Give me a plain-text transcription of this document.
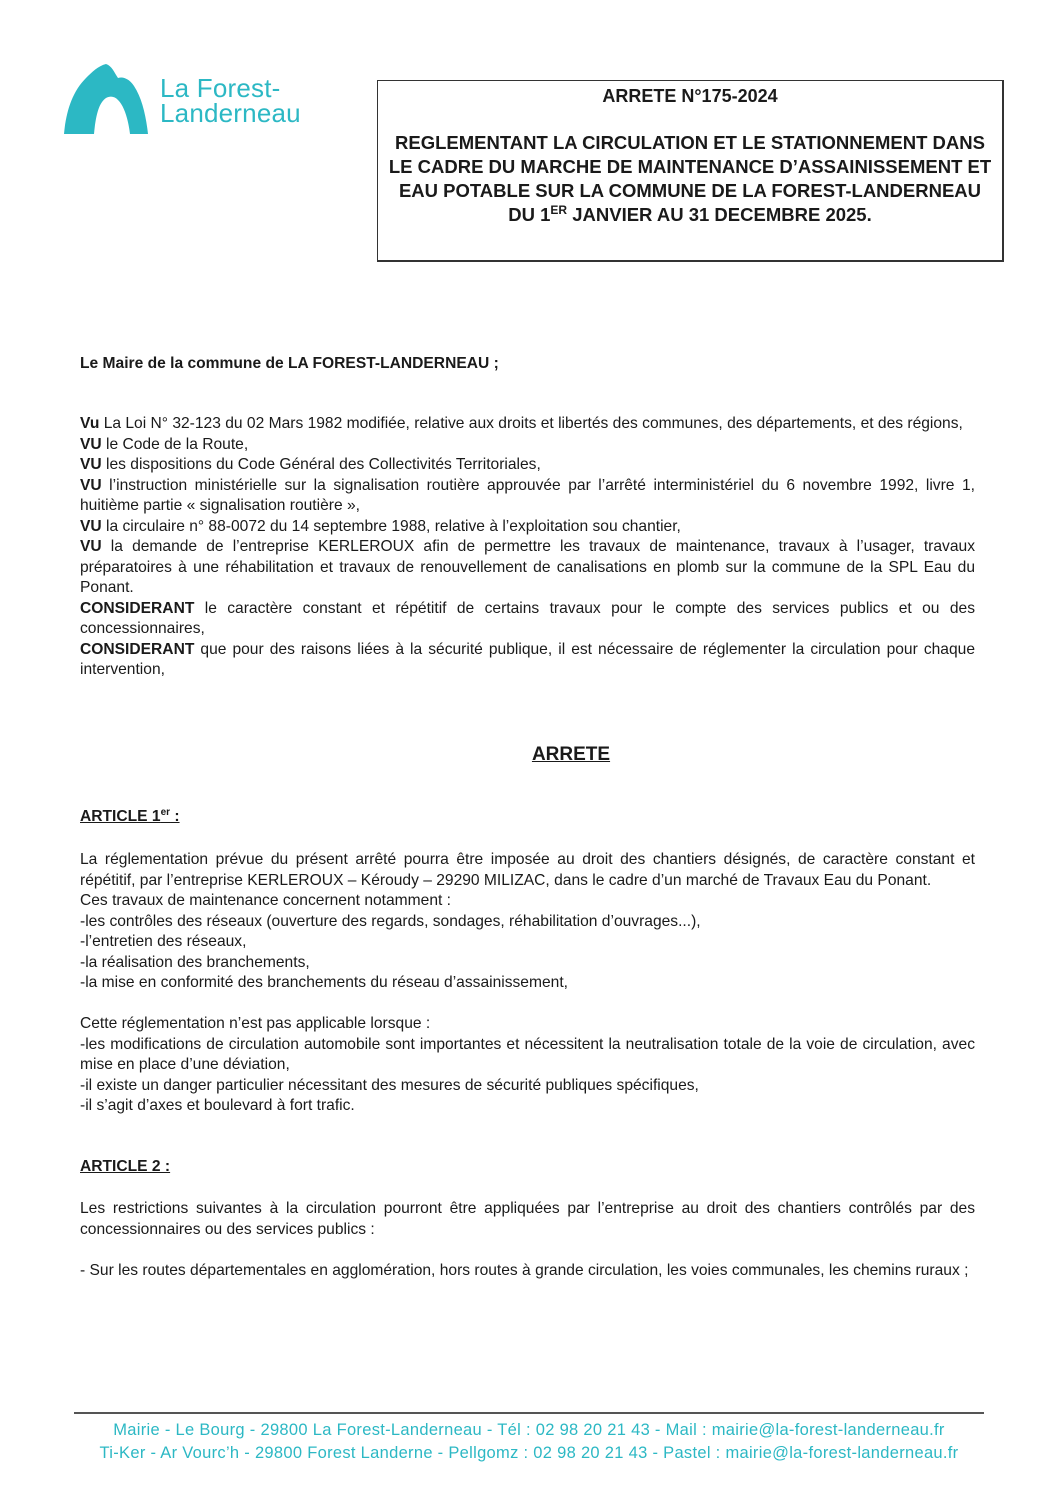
La Forest-
Landerneau
ARRETE N°175-2024
REGLEMENTANT LA CIRCULATION ET LE STATIONNEMENT DANS LE CADRE DU MARCHE DE MAINTENANCE D’ASSAINISSEMENT ET EAU POTABLE SUR LA COMMUNE DE LA FOREST-LANDERNEAU DU 1ER JANVIER AU 31 DECEMBRE 2025.
Le Maire de la commune de LA FOREST-LANDERNEAU ;

Vu La Loi N° 32-123 du 02 Mars 1982 modifiée, relative aux droits et libertés des communes, des départements, et des régions,

VU le Code de la Route,

VU les dispositions du Code Général des Collectivités Territoriales,

VU l’instruction ministérielle sur la signalisation routière approuvée par l’arrêté interministériel du 6 novembre 1992, livre 1, huitième partie « signalisation routière »,

VU la circulaire n° 88-0072 du 14 septembre 1988, relative à l’exploitation sou chantier,

VU la demande de l’entreprise KERLEROUX afin de permettre les travaux de maintenance, travaux à l’usager, travaux préparatoires à une réhabilitation et travaux de renouvellement de canalisations en plomb sur la commune de la SPL Eau du Ponant.

CONSIDERANT le caractère constant et répétitif de certains travaux pour le compte des services publics et ou des concessionnaires,

CONSIDERANT que pour des raisons liées à la sécurité publique, il est nécessaire de réglementer la circulation pour chaque intervention,

ARRETE
ARTICLE 1er :

La réglementation prévue du présent arrêté pourra être imposée au droit des chantiers désignés, de caractère constant et répétitif, par l’entreprise KERLEROUX – Kéroudy – 29290 MILIZAC, dans le cadre d’un marché de Travaux Eau du Ponant.

Ces travaux de maintenance concernent notamment :

-les contrôles des réseaux (ouverture des regards, sondages, réhabilitation d’ouvrages...),

-l’entretien des réseaux,

-la réalisation des branchements,

-la mise en conformité des branchements du réseau d’assainissement,

Cette réglementation n’est pas applicable lorsque :

-les modifications de circulation automobile sont importantes et nécessitent la neutralisation totale de la voie de circulation, avec mise en place d’une déviation,

-il existe un danger particulier nécessitant des mesures de sécurité publiques spécifiques,

-il s’agit d’axes et boulevard à fort trafic.

ARTICLE 2 :

Les restrictions suivantes à la circulation pourront être appliquées par l’entreprise au droit des chantiers contrôlés par des concessionnaires ou des services publics :

- Sur les routes départementales en agglomération, hors routes à grande circulation, les voies communales, les chemins ruraux ;

Mairie - Le Bourg - 29800 La Forest-Landerneau - Tél : 02 98 20 21 43 - Mail : mairie@la-forest-landerneau.fr
Ti-Ker - Ar Vourc’h - 29800 Forest Landerne - Pellgomz : 02 98 20 21 43 - Pastel : mairie@la-forest-landerneau.fr
